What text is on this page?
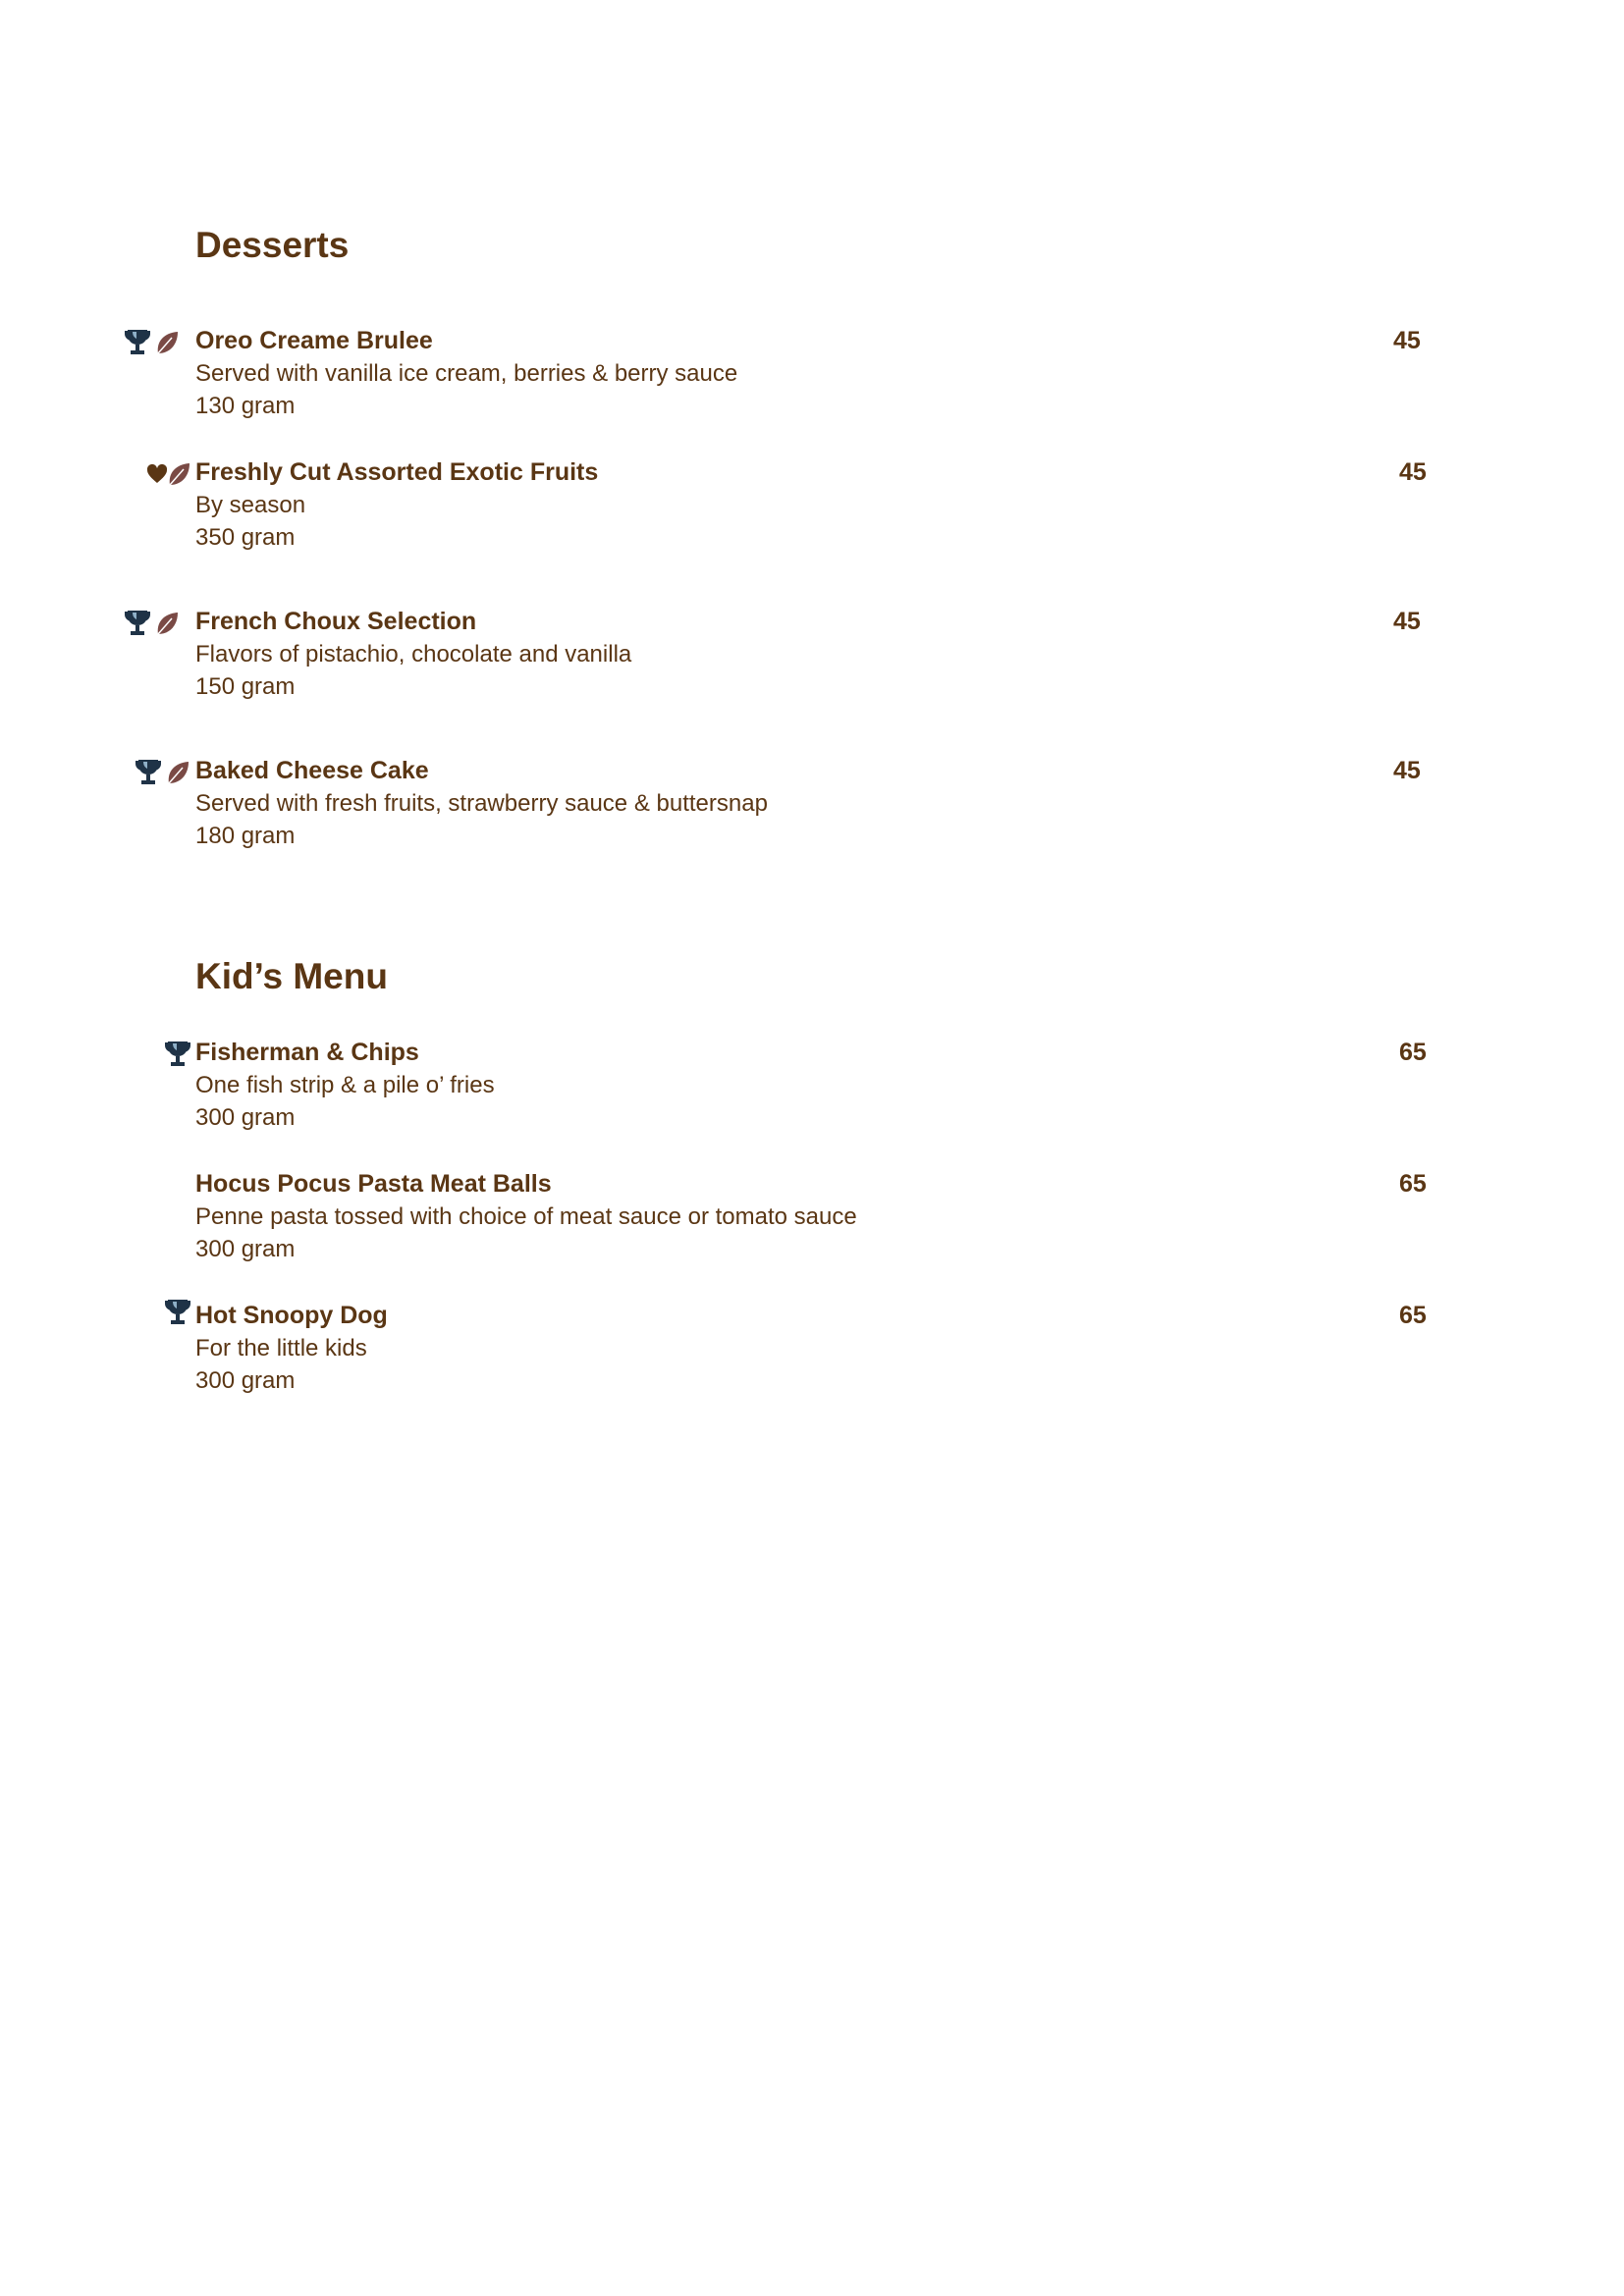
Desserts
Oreo Creame Brulee
Served with vanilla ice cream, berries & berry sauce
130 gram
45
Freshly Cut Assorted Exotic Fruits
By season
350 gram
45
French Choux Selection
Flavors of pistachio, chocolate and vanilla
150 gram
45
Baked Cheese Cake
Served with fresh fruits, strawberry sauce & buttersnap
180 gram
45
Kid’s Menu
Fisherman & Chips
One fish strip & a pile o’ fries
300 gram
65
Hocus Pocus Pasta Meat Balls
Penne pasta tossed with choice of meat sauce or tomato sauce
300 gram
65
Hot Snoopy Dog
For the little kids
300 gram
65
